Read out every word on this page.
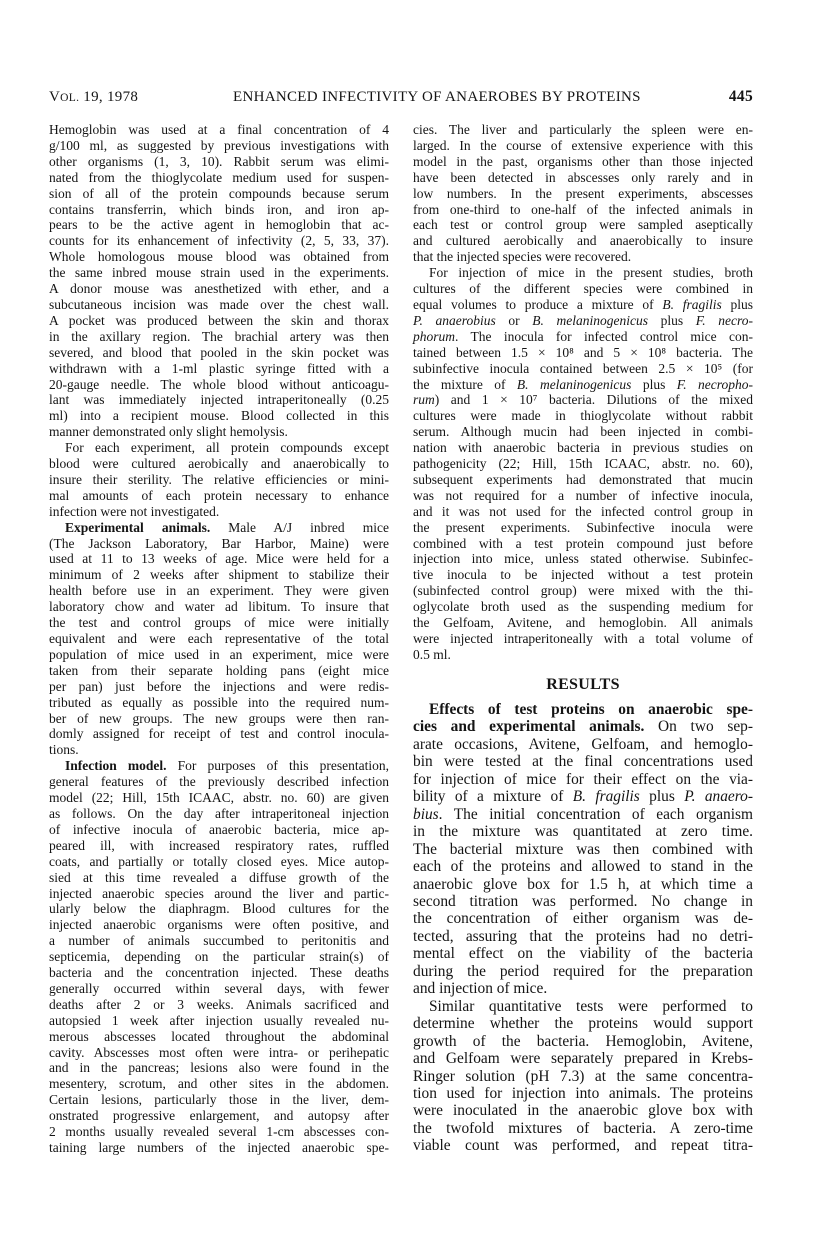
VOL. 19, 1978	ENHANCED INFECTIVITY OF ANAEROBES BY PROTEINS	445
Hemoglobin was used at a final concentration of 4
g/100 ml, as suggested by previous investigations with
other organisms (1, 3, 10). Rabbit serum was elimi-
nated from the thioglycolate medium used for suspen-
sion of all of the protein compounds because serum
contains transferrin, which binds iron, and iron ap-
pears to be the active agent in hemoglobin that ac-
counts for its enhancement of infectivity (2, 5, 33, 37).
Whole homologous mouse blood was obtained from
the same inbred mouse strain used in the experiments.
A donor mouse was anesthetized with ether, and a
subcutaneous incision was made over the chest wall.
A pocket was produced between the skin and thorax
in the axillary region. The brachial artery was then
severed, and blood that pooled in the skin pocket was
withdrawn with a 1-ml plastic syringe fitted with a
20-gauge needle. The whole blood without anticoagu-
lant was immediately injected intraperitoneally (0.25
ml) into a recipient mouse. Blood collected in this
manner demonstrated only slight hemolysis.
For each experiment, all protein compounds except
blood were cultured aerobically and anaerobically to
insure their sterility. The relative efficiencies or mini-
mal amounts of each protein necessary to enhance
infection were not investigated.
Experimental animals. Male A/J inbred mice
(The Jackson Laboratory, Bar Harbor, Maine) were
used at 11 to 13 weeks of age. Mice were held for a
minimum of 2 weeks after shipment to stabilize their
health before use in an experiment. They were given
laboratory chow and water ad libitum. To insure that
the test and control groups of mice were initially
equivalent and were each representative of the total
population of mice used in an experiment, mice were
taken from their separate holding pans (eight mice
per pan) just before the injections and were redis-
tributed as equally as possible into the required num-
ber of new groups. The new groups were then ran-
domly assigned for receipt of test and control inocula-
tions.
Infection model. For purposes of this presentation,
general features of the previously described infection
model (22; Hill, 15th ICAAC, abstr. no. 60) are given
as follows. On the day after intraperitoneal injection
of infective inocula of anaerobic bacteria, mice ap-
peared ill, with increased respiratory rates, ruffled
coats, and partially or totally closed eyes. Mice autop-
sied at this time revealed a diffuse growth of the
injected anaerobic species around the liver and partic-
ularly below the diaphragm. Blood cultures for the
injected anaerobic organisms were often positive, and
a number of animals succumbed to peritonitis and
septicemia, depending on the particular strain(s) of
bacteria and the concentration injected. These deaths
generally occurred within several days, with fewer
deaths after 2 or 3 weeks. Animals sacrificed and
autopsied 1 week after injection usually revealed nu-
merous abscesses located throughout the abdominal
cavity. Abscesses most often were intra- or perihepatic
and in the pancreas; lesions also were found in the
mesentery, scrotum, and other sites in the abdomen.
Certain lesions, particularly those in the liver, dem-
onstrated progressive enlargement, and autopsy after
2 months usually revealed several 1-cm abscesses con-
taining large numbers of the injected anaerobic spe-
cies. The liver and particularly the spleen were en-
larged. In the course of extensive experience with this
model in the past, organisms other than those injected
have been detected in abscesses only rarely and in
low numbers. In the present experiments, abscesses
from one-third to one-half of the infected animals in
each test or control group were sampled aseptically
and cultured aerobically and anaerobically to insure
that the injected species were recovered.
For injection of mice in the present studies, broth
cultures of the different species were combined in
equal volumes to produce a mixture of B. fragilis plus
P. anaerobius or B. melaninogenicus plus F. necro-
phorum. The inocula for infected control mice con-
tained between 1.5 × 10⁸ and 5 × 10⁸ bacteria. The
subinfective inocula contained between 2.5 × 10⁵ (for
the mixture of B. melaninogenicus plus F. necropho-
rum) and 1 × 10⁷ bacteria. Dilutions of the mixed
cultures were made in thioglycolate without rabbit
serum. Although mucin had been injected in combi-
nation with anaerobic bacteria in previous studies on
pathogenicity (22; Hill, 15th ICAAC, abstr. no. 60),
subsequent experiments had demonstrated that mucin
was not required for a number of infective inocula,
and it was not used for the infected control group in
the present experiments. Subinfective inocula were
combined with a test protein compound just before
injection into mice, unless stated otherwise. Subinfec-
tive inocula to be injected without a test protein
(subinfected control group) were mixed with the thi-
oglycolate broth used as the suspending medium for
the Gelfoam, Avitene, and hemoglobin. All animals
were injected intraperitoneally with a total volume of
0.5 ml.
RESULTS
Effects of test proteins on anaerobic spe-
cies and experimental animals. On two sep-
arate occasions, Avitene, Gelfoam, and hemoglo-
bin were tested at the final concentrations used
for injection of mice for their effect on the via-
bility of a mixture of B. fragilis plus P. anaero-
bius. The initial concentration of each organism
in the mixture was quantitated at zero time.
The bacterial mixture was then combined with
each of the proteins and allowed to stand in the
anaerobic glove box for 1.5 h, at which time a
second titration was performed. No change in
the concentration of either organism was de-
tected, assuring that the proteins had no detri-
mental effect on the viability of the bacteria
during the period required for the preparation
and injection of mice.
Similar quantitative tests were performed to
determine whether the proteins would support
growth of the bacteria. Hemoglobin, Avitene,
and Gelfoam were separately prepared in Krebs-
Ringer solution (pH 7.3) at the same concentra-
tion used for injection into animals. The proteins
were inoculated in the anaerobic glove box with
the twofold mixtures of bacteria. A zero-time
viable count was performed, and repeat titra-
